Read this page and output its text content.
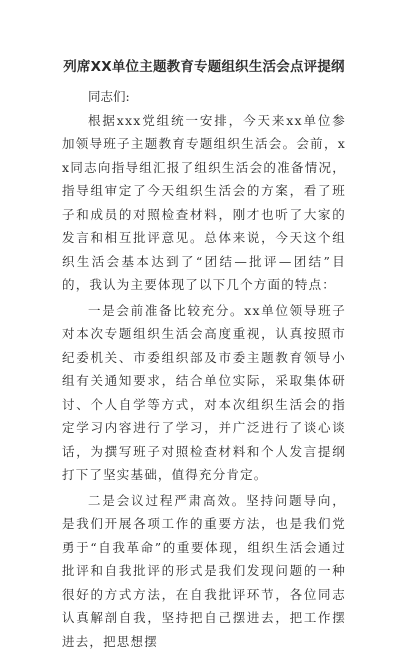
列席XX单位主题教育专题组织生活会点评提纲

同志们:

根据xxx党组统一安排，今天来xx单位参加领导班子主题教育专题组织生活会。会前，xx同志向指导组汇报了组织生活会的准备情况，指导组审定了今天组织生活会的方案，看了班子和成员的对照检查材料，刚才也听了大家的发言和相互批评意见。总体来说，今天这个组织生活会基本达到了“团结—批评—团结”目的，我认为主要体现了以下几个方面的特点：

一是会前准备比较充分。xx单位领导班子对本次专题组织生活会高度重视，认真按照市纪委机关、市委组织部及市委主题教育领导小组有关通知要求，结合单位实际，采取集体研讨、个人自学等方式，对本次组织生活会的指定学习内容进行了学习，并广泛进行了谈心谈话，为撰写班子对照检查材料和个人发言提纲打下了坚实基础，值得充分肯定。

二是会议过程严肃高效。坚持问题导向，是我们开展各项工作的重要方法，也是我们党勇于“自我革命”的重要体现，组织生活会通过批评和自我批评的形式是我们发现问题的一种很好的方式方法，在自我批评环节，各位同志认真解剖自我，坚持把自己摆进去，把工作摆进去，把思想摆
